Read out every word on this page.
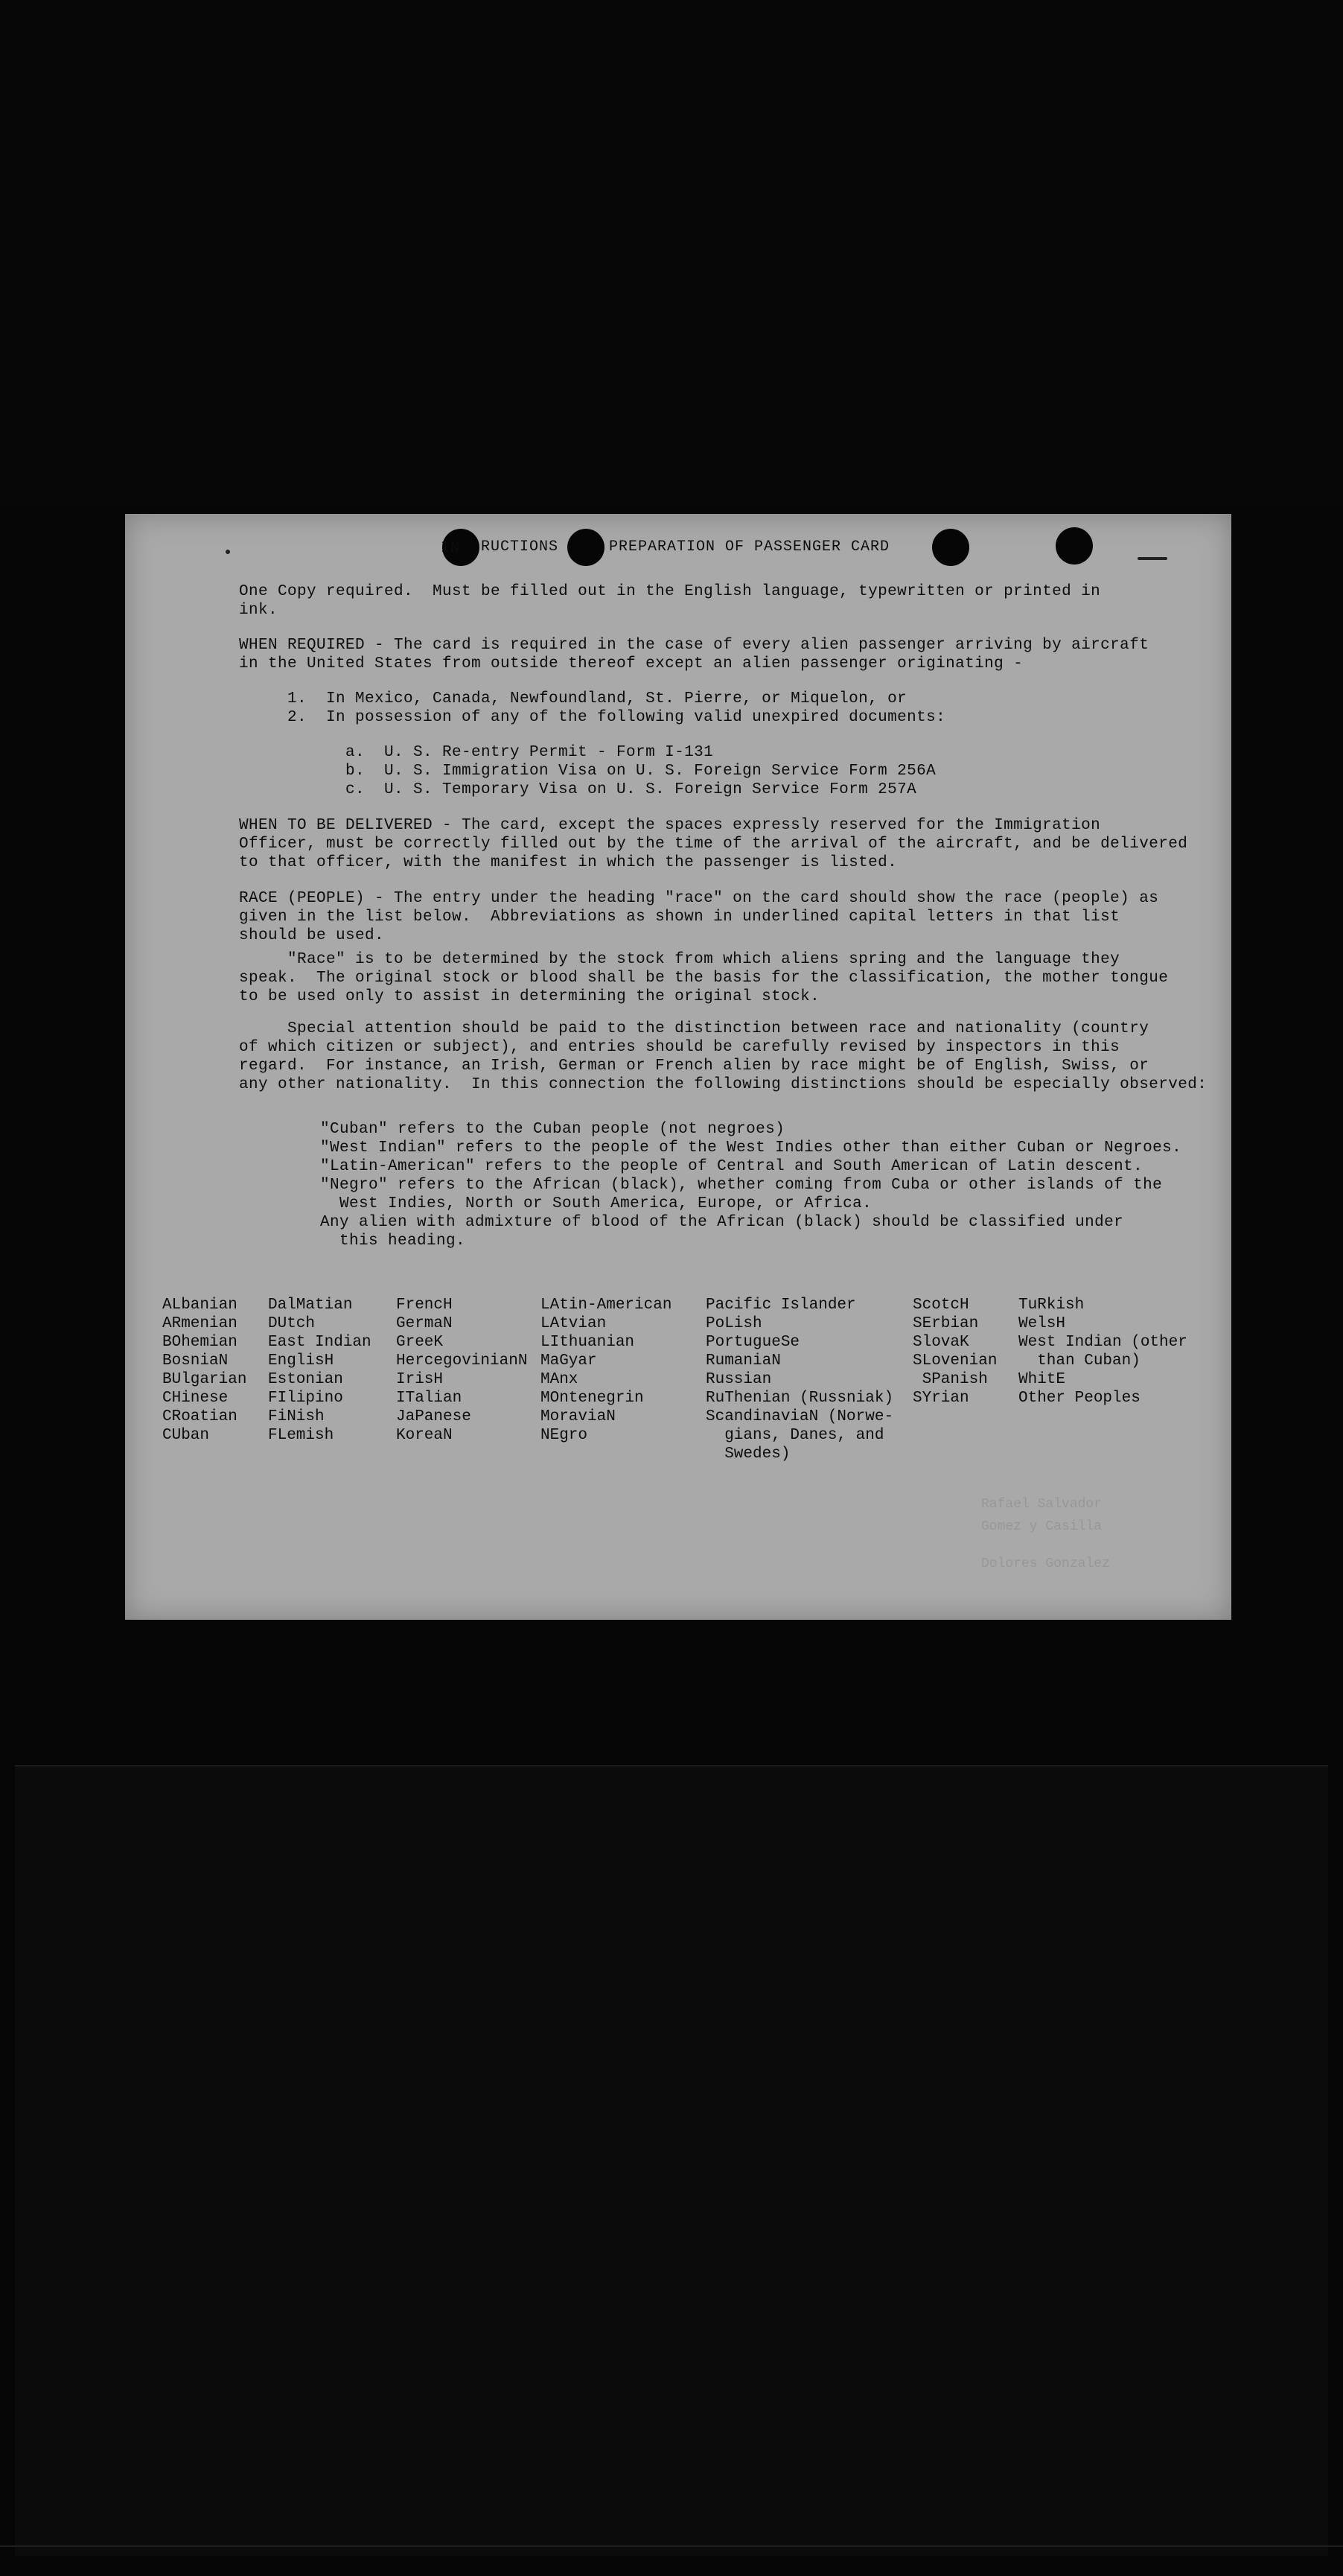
IN RUCTIONS	PREPARATION OF PASSENGER CARD
One Copy required.  Must be filled out in the English language, typewritten or printed in
ink.
WHEN REQUIRED - The card is required in the case of every alien passenger arriving by aircraft
in the United States from outside thereof except an alien passenger originating -
1.  In Mexico, Canada, Newfoundland, St. Pierre, or Miquelon, or
2.  In possession of any of the following valid unexpired documents:
a.  U. S. Re-entry Permit - Form I-131
b.  U. S. Immigration Visa on U. S. Foreign Service Form 256A
c.  U. S. Temporary Visa on U. S. Foreign Service Form 257A
WHEN TO BE DELIVERED - The card, except the spaces expressly reserved for the Immigration
Officer, must be correctly filled out by the time of the arrival of the aircraft, and be delivered
to that officer, with the manifest in which the passenger is listed.
RACE (PEOPLE) - The entry under the heading "race" on the card should show the race (people) as
given in the list below.  Abbreviations as shown in underlined capital letters in that list
should be used.
"Race" is to be determined by the stock from which aliens spring and the language they
speak.  The original stock or blood shall be the basis for the classification, the mother tongue
to be used only to assist in determining the original stock.
Special attention should be paid to the distinction between race and nationality (country
of which citizen or subject), and entries should be carefully revised by inspectors in this
regard.  For instance, an Irish, German or French alien by race might be of English, Swiss, or
any other nationality.  In this connection the following distinctions should be especially observed:
"Cuban" refers to the Cuban people (not negroes)
"West Indian" refers to the people of the West Indies other than either Cuban or Negroes.
"Latin-American" refers to the people of Central and South American of Latin descent.
"Negro" refers to the African (black), whether coming from Cuba or other islands of the
West Indies, North or South America, Europe, or Africa.
Any alien with admixture of blood of the African (black) should be classified under
this heading.
ALbanian
ARmenian
BOhemian
BosniaN
BUlgarian
CHinese
CRoatian
CUban
DalMatian
DUtch
East Indian
EnglisH
Estonian
FIlipino
FiNish
FLemish
FrencH
GermaN
GreeK
HercegovinianN
IrisH
ITalian
JaPanese
KoreaN
LAtin-American
LAtvian
LIthuanian
MaGyar
MAnx
MOntenegrin
MoraviaN
NEgro
Pacific Islander
PoLish
PortugueSe
RumaniaN
Russian
RuThenian (Russniak)
ScandinaviaN (Norwe-
gians, Danes, and
Swedes)
ScotcH
SErbian
SlovaK
SLovenian
SPanish
SYrian
TuRkish
WelsH
West Indian (other
than Cuban)
WhitE
Other Peoples
Rafael Salvador
Gomez y Casilla
Dolores Gonzalez
